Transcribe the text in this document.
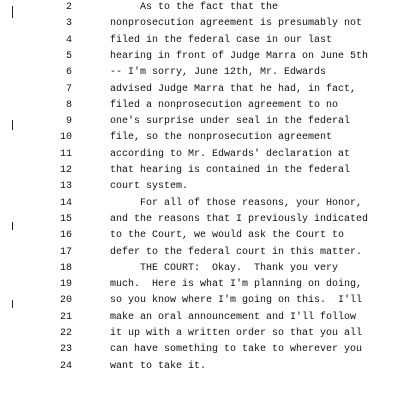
2	As to the fact that the
3	nonprosecution agreement is presumably not
4	filed in the federal case in our last
5	hearing in front of Judge Marra on June 5th
6	-- I'm sorry, June 12th, Mr. Edwards
7	advised Judge Marra that he had, in fact,
8	filed a nonprosecution agreement to no
9	one's surprise under seal in the federal
10	file, so the nonprosecution agreement
11	according to Mr. Edwards' declaration at
12	that hearing is contained in the federal
13	court system.
14	For all of those reasons, your Honor,
15	and the reasons that I previously indicated
16	to the Court, we would ask the Court to
17	defer to the federal court in this matter.
18	THE COURT:  Okay.  Thank you very
19	much.  Here is what I'm planning on doing,
20	so you know where I'm going on this.  I'll
21	make an oral announcement and I'll follow
22	it up with a written order so that you all
23	can have something to take to wherever you
24	want to take it.
